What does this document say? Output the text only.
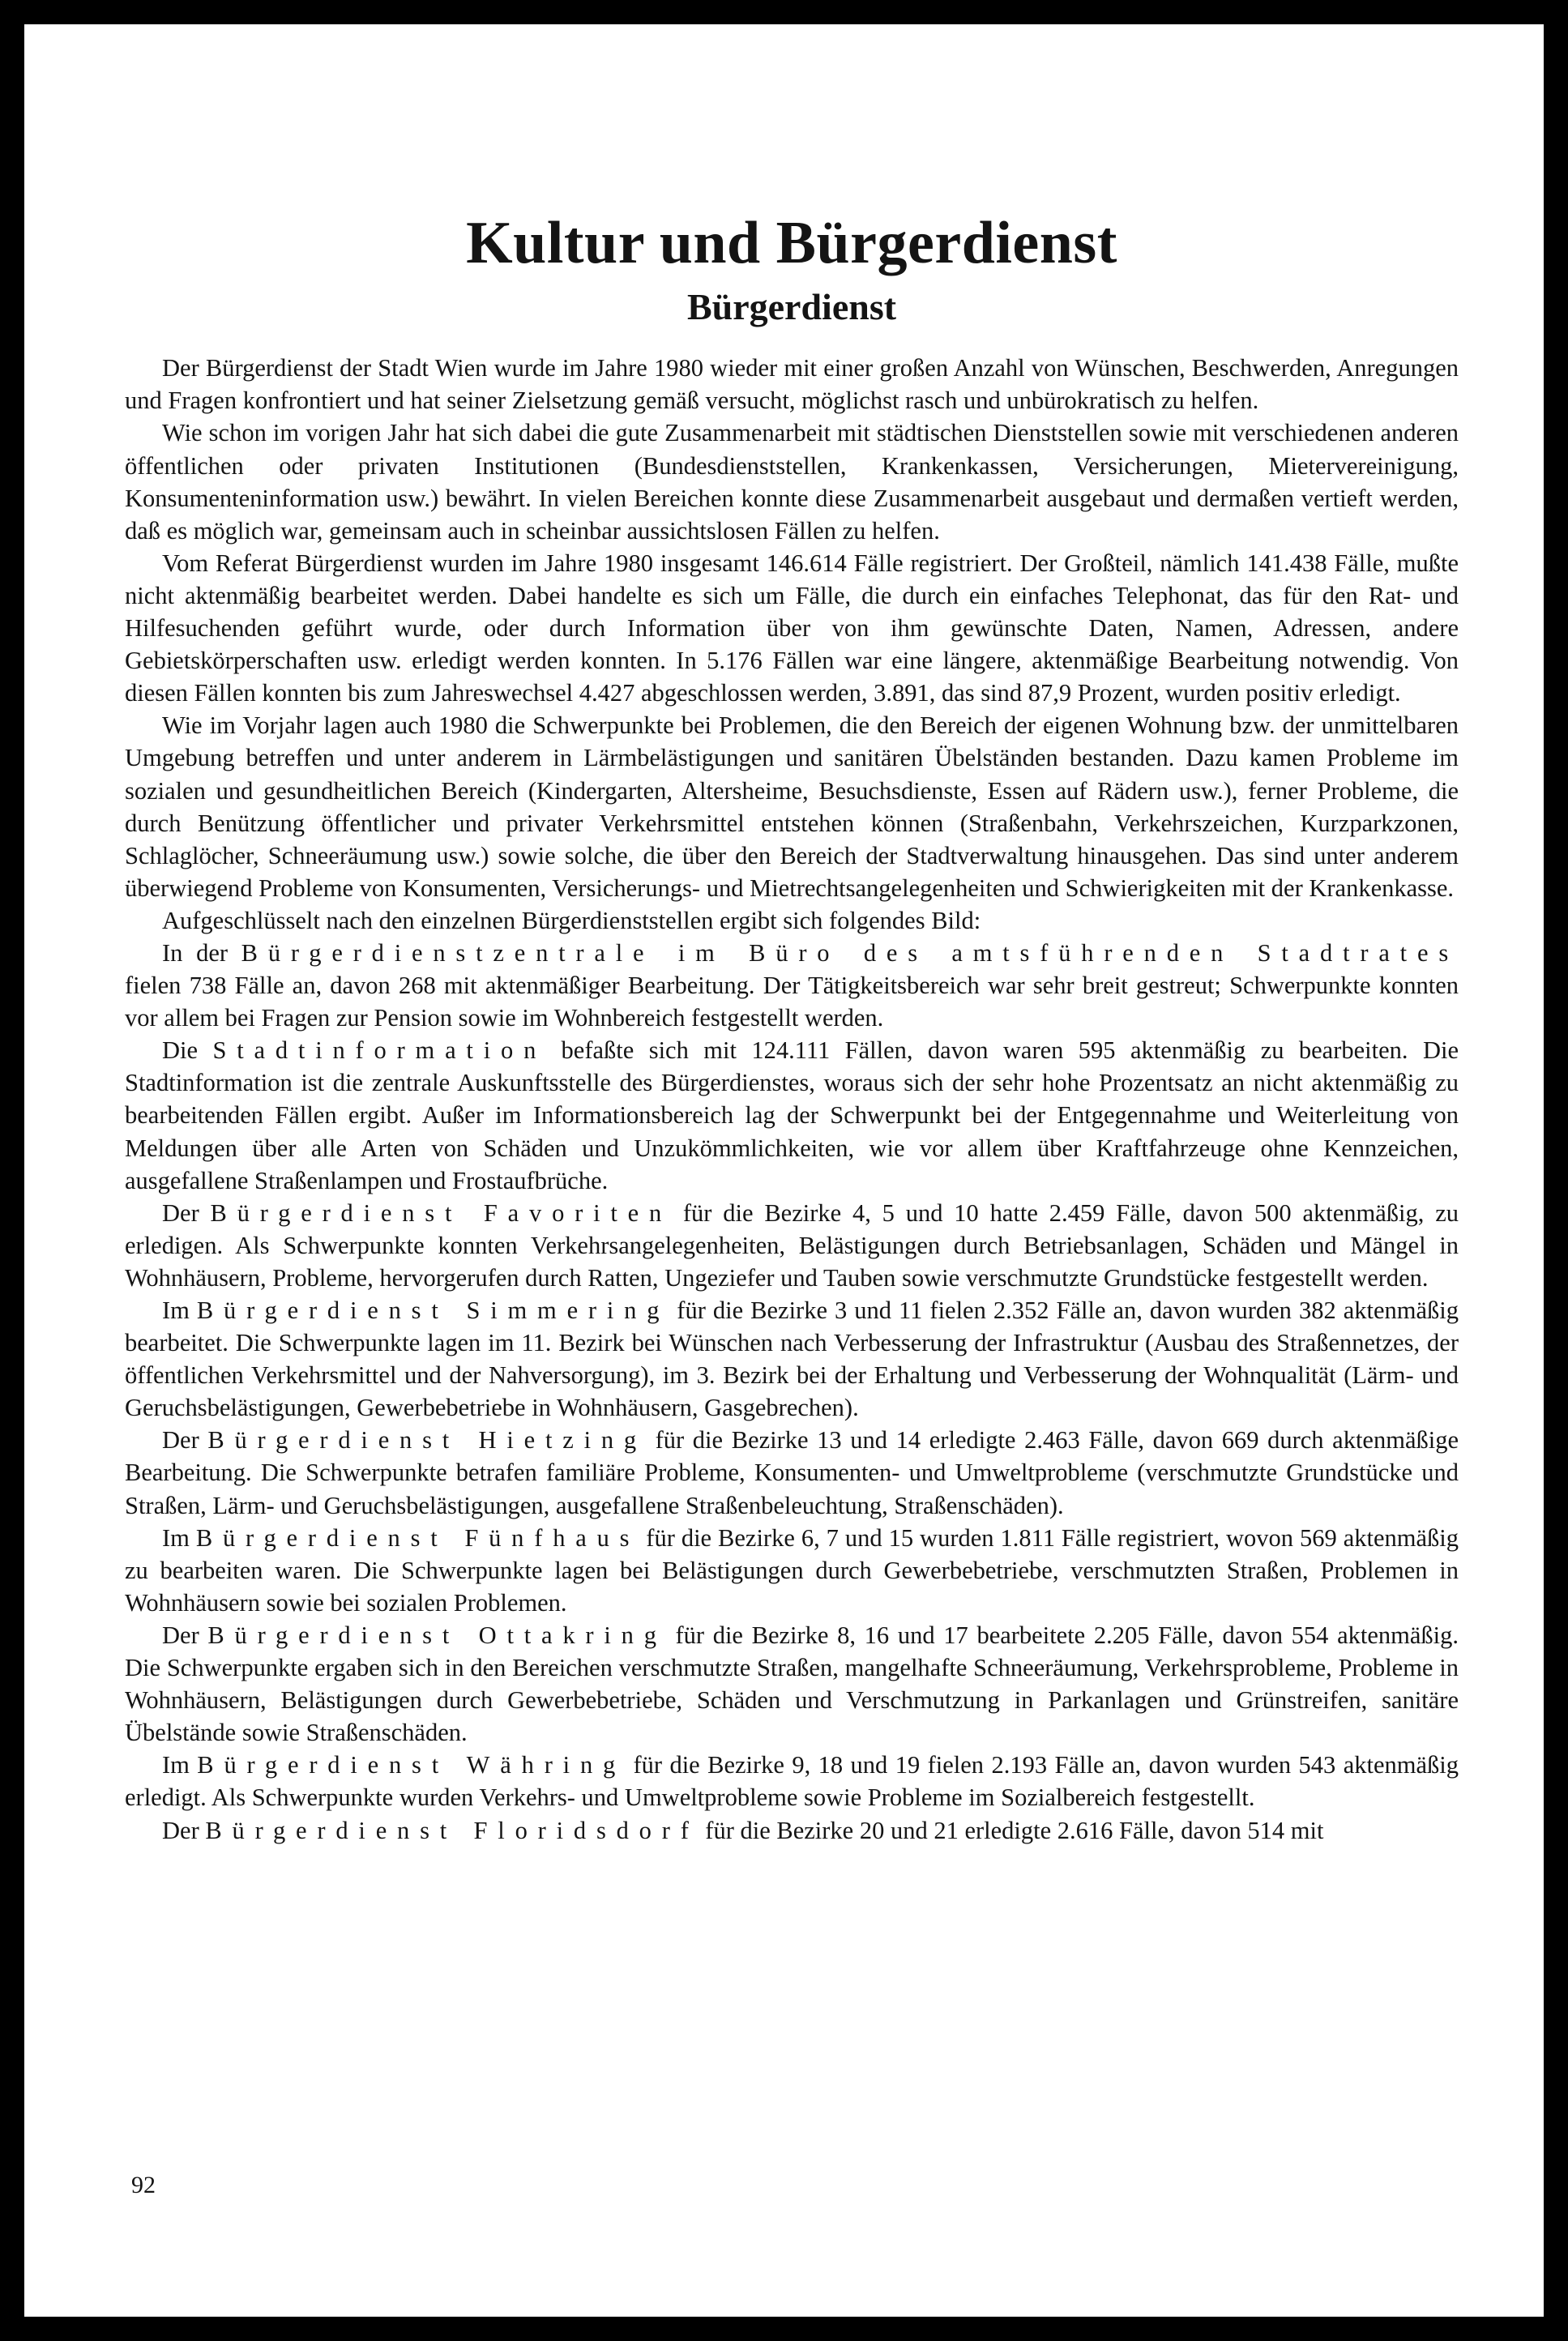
Kultur und Bürgerdienst
Bürgerdienst

Der Bürgerdienst der Stadt Wien wurde im Jahre 1980 wieder mit einer großen Anzahl von Wünschen, Beschwerden, Anregungen und Fragen konfrontiert und hat seiner Zielsetzung gemäß versucht, möglichst rasch und unbürokratisch zu helfen.

Wie schon im vorigen Jahr hat sich dabei die gute Zusammenarbeit mit städtischen Dienststellen sowie mit verschiedenen anderen öffentlichen oder privaten Institutionen (Bundesdienststellen, Krankenkassen, Versicherungen, Mietervereinigung, Konsumenteninformation usw.) bewährt. In vielen Bereichen konnte diese Zusammenarbeit ausgebaut und dermaßen vertieft werden, daß es möglich war, gemeinsam auch in scheinbar aussichtslosen Fällen zu helfen.

Vom Referat Bürgerdienst wurden im Jahre 1980 insgesamt 146.614 Fälle registriert. Der Großteil, nämlich 141.438 Fälle, mußte nicht aktenmäßig bearbeitet werden. Dabei handelte es sich um Fälle, die durch ein einfaches Telephonat, das für den Rat- und Hilfesuchenden geführt wurde, oder durch Information über von ihm gewünschte Daten, Namen, Adressen, andere Gebietskörperschaften usw. erledigt werden konnten. In 5.176 Fällen war eine längere, aktenmäßige Bearbeitung notwendig. Von diesen Fällen konnten bis zum Jahreswechsel 4.427 abgeschlossen werden, 3.891, das sind 87,9 Prozent, wurden positiv erledigt.

Wie im Vorjahr lagen auch 1980 die Schwerpunkte bei Problemen, die den Bereich der eigenen Wohnung bzw. der unmittelbaren Umgebung betreffen und unter anderem in Lärmbelästigungen und sanitären Übelständen bestanden. Dazu kamen Probleme im sozialen und gesundheitlichen Bereich (Kindergarten, Altersheime, Besuchsdienste, Essen auf Rädern usw.), ferner Probleme, die durch Benützung öffentlicher und privater Verkehrsmittel entstehen können (Straßenbahn, Verkehrszeichen, Kurzparkzonen, Schlaglöcher, Schneeräumung usw.) sowie solche, die über den Bereich der Stadtverwaltung hinausgehen. Das sind unter anderem überwiegend Probleme von Konsumenten, Versicherungs- und Mietrechtsangelegenheiten und Schwierigkeiten mit der Krankenkasse.

Aufgeschlüsselt nach den einzelnen Bürgerdienststellen ergibt sich folgendes Bild:

In der Bürgerdienstzentrale im Büro des amtsführenden Stadtrates fielen 738 Fälle an, davon 268 mit aktenmäßiger Bearbeitung. Der Tätigkeitsbereich war sehr breit gestreut; Schwerpunkte konnten vor allem bei Fragen zur Pension sowie im Wohnbereich festgestellt werden.

Die Stadtinformation befaßte sich mit 124.111 Fällen, davon waren 595 aktenmäßig zu bearbeiten. Die Stadtinformation ist die zentrale Auskunftsstelle des Bürgerdienstes, woraus sich der sehr hohe Prozentsatz an nicht aktenmäßig zu bearbeitenden Fällen ergibt. Außer im Informationsbereich lag der Schwerpunkt bei der Entgegennahme und Weiterleitung von Meldungen über alle Arten von Schäden und Unzukömmlichkeiten, wie vor allem über Kraftfahrzeuge ohne Kennzeichen, ausgefallene Straßenlampen und Frostaufbrüche.

Der Bürgerdienst Favoriten für die Bezirke 4, 5 und 10 hatte 2.459 Fälle, davon 500 aktenmäßig, zu erledigen. Als Schwerpunkte konnten Verkehrsangelegenheiten, Belästigungen durch Betriebsanlagen, Schäden und Mängel in Wohnhäusern, Probleme, hervorgerufen durch Ratten, Ungeziefer und Tauben sowie verschmutzte Grundstücke festgestellt werden.

Im Bürgerdienst Simmering für die Bezirke 3 und 11 fielen 2.352 Fälle an, davon wurden 382 aktenmäßig bearbeitet. Die Schwerpunkte lagen im 11. Bezirk bei Wünschen nach Verbesserung der Infrastruktur (Ausbau des Straßennetzes, der öffentlichen Verkehrsmittel und der Nahversorgung), im 3. Bezirk bei der Erhaltung und Verbesserung der Wohnqualität (Lärm- und Geruchsbelästigungen, Gewerbebetriebe in Wohnhäusern, Gasgebrechen).

Der Bürgerdienst Hietzing für die Bezirke 13 und 14 erledigte 2.463 Fälle, davon 669 durch aktenmäßige Bearbeitung. Die Schwerpunkte betrafen familiäre Probleme, Konsumenten- und Umweltprobleme (verschmutzte Grundstücke und Straßen, Lärm- und Geruchsbelästigungen, ausgefallene Straßenbeleuchtung, Straßenschäden).

Im Bürgerdienst Fünfhaus für die Bezirke 6, 7 und 15 wurden 1.811 Fälle registriert, wovon 569 aktenmäßig zu bearbeiten waren. Die Schwerpunkte lagen bei Belästigungen durch Gewerbebetriebe, verschmutzten Straßen, Problemen in Wohnhäusern sowie bei sozialen Problemen.

Der Bürgerdienst Ottakring für die Bezirke 8, 16 und 17 bearbeitete 2.205 Fälle, davon 554 aktenmäßig. Die Schwerpunkte ergaben sich in den Bereichen verschmutzte Straßen, mangelhafte Schneeräumung, Verkehrsprobleme, Probleme in Wohnhäusern, Belästigungen durch Gewerbebetriebe, Schäden und Verschmutzung in Parkanlagen und Grünstreifen, sanitäre Übelstände sowie Straßenschäden.

Im Bürgerdienst Währing für die Bezirke 9, 18 und 19 fielen 2.193 Fälle an, davon wurden 543 aktenmäßig erledigt. Als Schwerpunkte wurden Verkehrs- und Umweltprobleme sowie Probleme im Sozialbereich festgestellt.

Der Bürgerdienst Floridsdorf für die Bezirke 20 und 21 erledigte 2.616 Fälle, davon 514 mit

92
